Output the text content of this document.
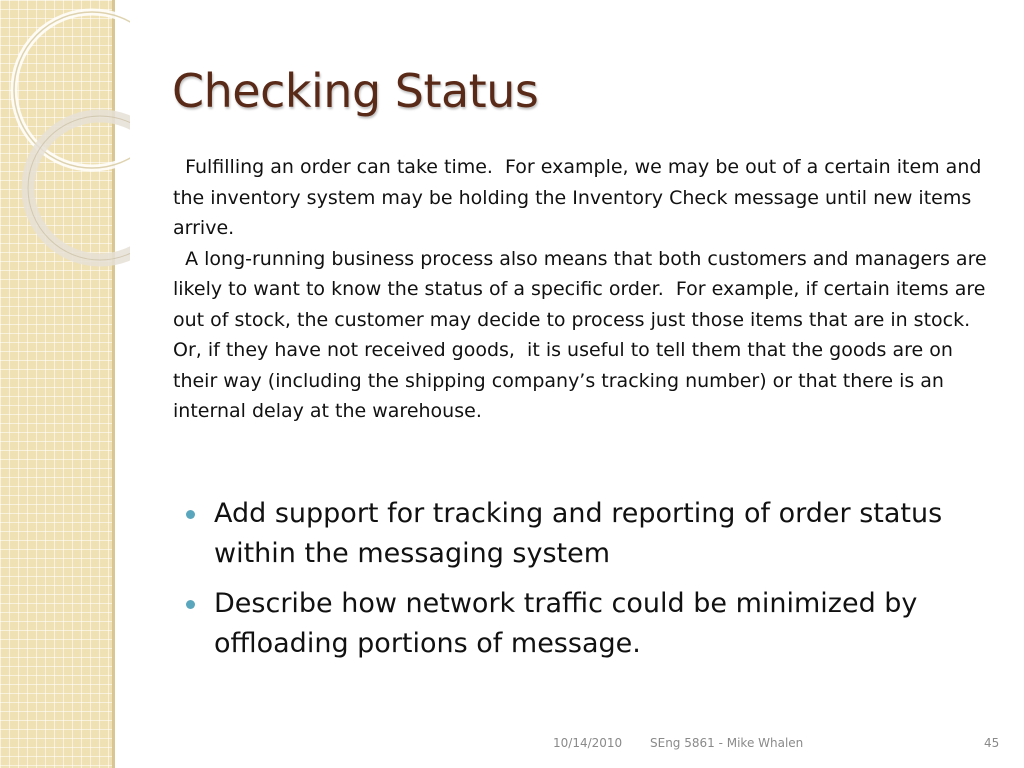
Checking Status

Fulfilling an order can take time.  For example, we may be out of a certain item and the inventory system may be holding the Inventory Check message until new items arrive.

A long-running business process also means that both customers and managers are likely to want to know the status of a specific order.  For example, if certain items are out of stock, the customer may decide to process just those items that are in stock.  Or, if they have not received goods,  it is useful to tell them that the goods are on their way (including the shipping company’s tracking number) or that there is an internal delay at the warehouse.

Add support for tracking and reporting of order status within the messaging system
Describe how network traffic could be minimized by offloading portions of message.
10/14/2010 SEng 5861 - Mike Whalen	45
